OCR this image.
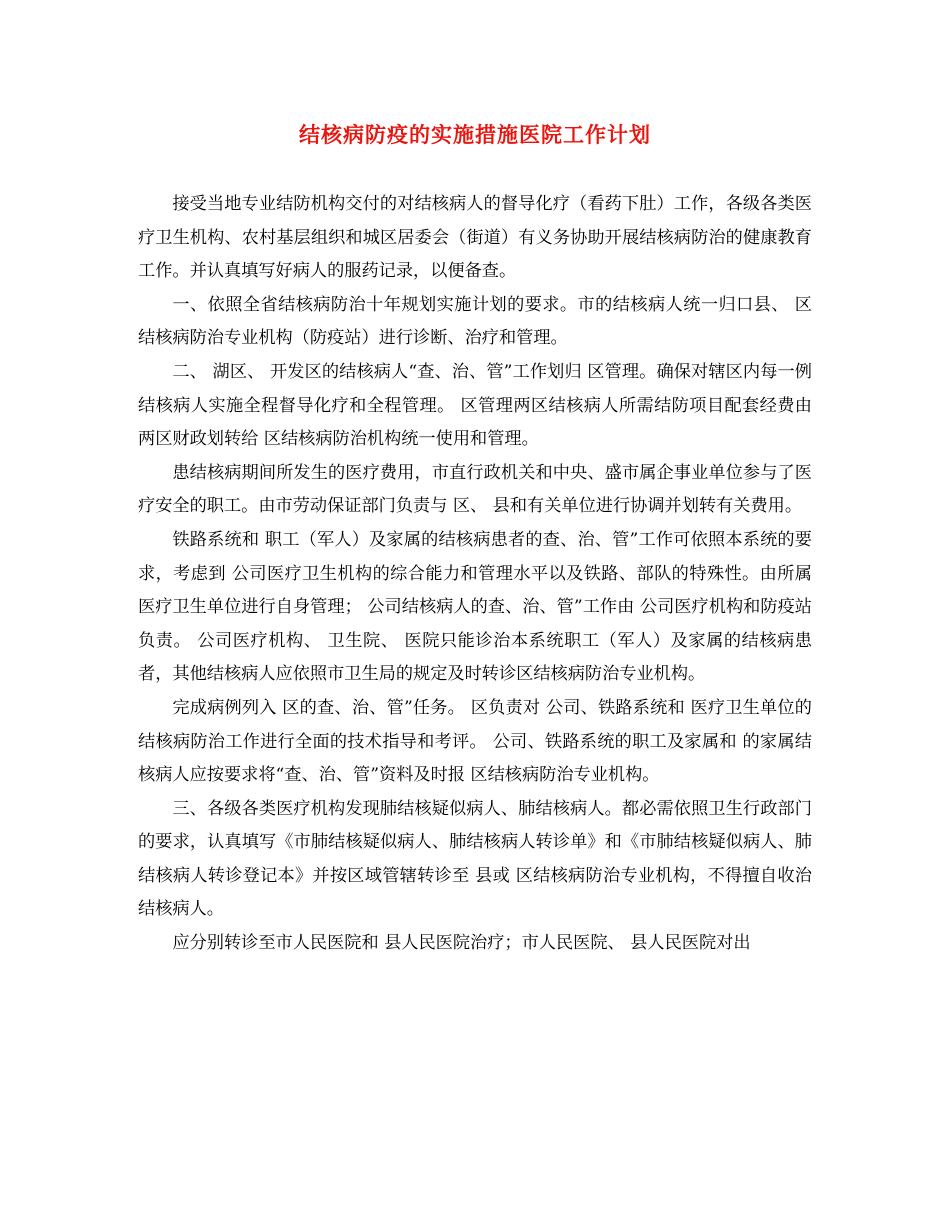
结核病防疫的实施措施医院工作计划

接受当地专业结防机构交付的对结核病人的督导化疗（看药下肚）工作，各级各类医疗卫生机构、农村基层组织和城区居委会（街道）有义务协助开展结核病防治的健康教育工作。并认真填写好病人的服药记录，以便备查。

一、依照全省结核病防治十年规划实施计划的要求。市的结核病人统一归口县、 区结核病防治专业机构（防疫站）进行诊断、治疗和管理。

二、 湖区、 开发区的结核病人“查、治、管”工作划归 区管理。确保对辖区内每一例结核病人实施全程督导化疗和全程管理。 区管理两区结核病人所需结防项目配套经费由两区财政划转给 区结核病防治机构统一使用和管理。

患结核病期间所发生的医疗费用，市直行政机关和中央、盛市属企事业单位参与了医疗安全的职工。由市劳动保证部门负责与 区、 县和有关单位进行协调并划转有关费用。

铁路系统和 职工（军人）及家属的结核病患者的查、治、管”工作可依照本系统的要求，考虑到 公司医疗卫生机构的综合能力和管理水平以及铁路、部队的特殊性。由所属医疗卫生单位进行自身管理； 公司结核病人的查、治、管”工作由 公司医疗机构和防疫站负责。 公司医疗机构、 卫生院、 医院只能诊治本系统职工（军人）及家属的结核病患者，其他结核病人应依照市卫生局的规定及时转诊区结核病防治专业机构。

完成病例列入 区的查、治、管”任务。 区负责对 公司、铁路系统和 医疗卫生单位的结核病防治工作进行全面的技术指导和考评。 公司、铁路系统的职工及家属和 的家属结核病人应按要求将“查、治、管”资料及时报 区结核病防治专业机构。

三、各级各类医疗机构发现肺结核疑似病人、肺结核病人。都必需依照卫生行政部门的要求，认真填写《市肺结核疑似病人、肺结核病人转诊单》和《市肺结核疑似病人、肺结核病人转诊登记本》并按区域管辖转诊至 县或 区结核病防治专业机构，不得擅自收治结核病人。

应分别转诊至市人民医院和 县人民医院治疗；市人民医院、 县人民医院对出
